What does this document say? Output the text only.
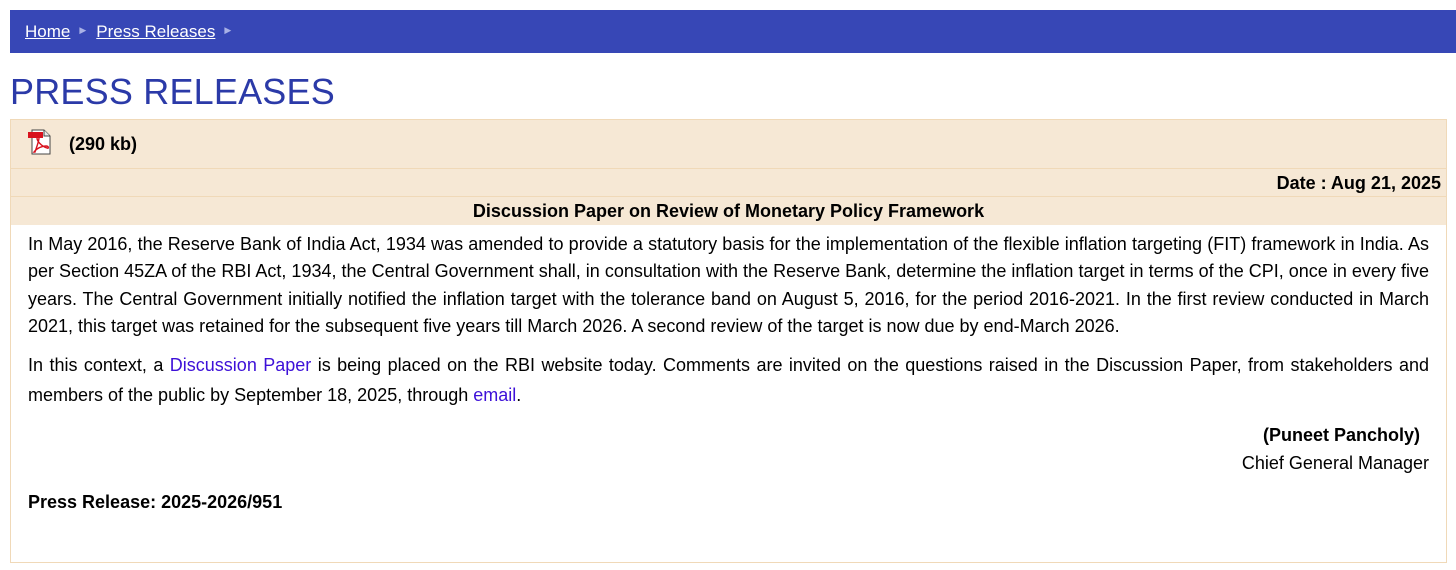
Home ▶ Press Releases ▶
PRESS RELEASES
(290 kb)
Date : Aug 21, 2025
Discussion Paper on Review of Monetary Policy Framework

In May 2016, the Reserve Bank of India Act, 1934 was amended to provide a statutory basis for the implementation of the flexible inflation targeting (FIT) framework in India. As per Section 45ZA of the RBI Act, 1934, the Central Government shall, in consultation with the Reserve Bank, determine the inflation target in terms of the CPI, once in every five years. The Central Government initially notified the inflation target with the tolerance band on August 5, 2016, for the period 2016-2021. In the first review conducted in March 2021, this target was retained for the subsequent five years till March 2026. A second review of the target is now due by end-March 2026.

In this context, a Discussion Paper is being placed on the RBI website today. Comments are invited on the questions raised in the Discussion Paper, from stakeholders and members of the public by September 18, 2025, through email.

(Puneet Pancholy)
Chief General Manager
Press Release: 2025-2026/951
